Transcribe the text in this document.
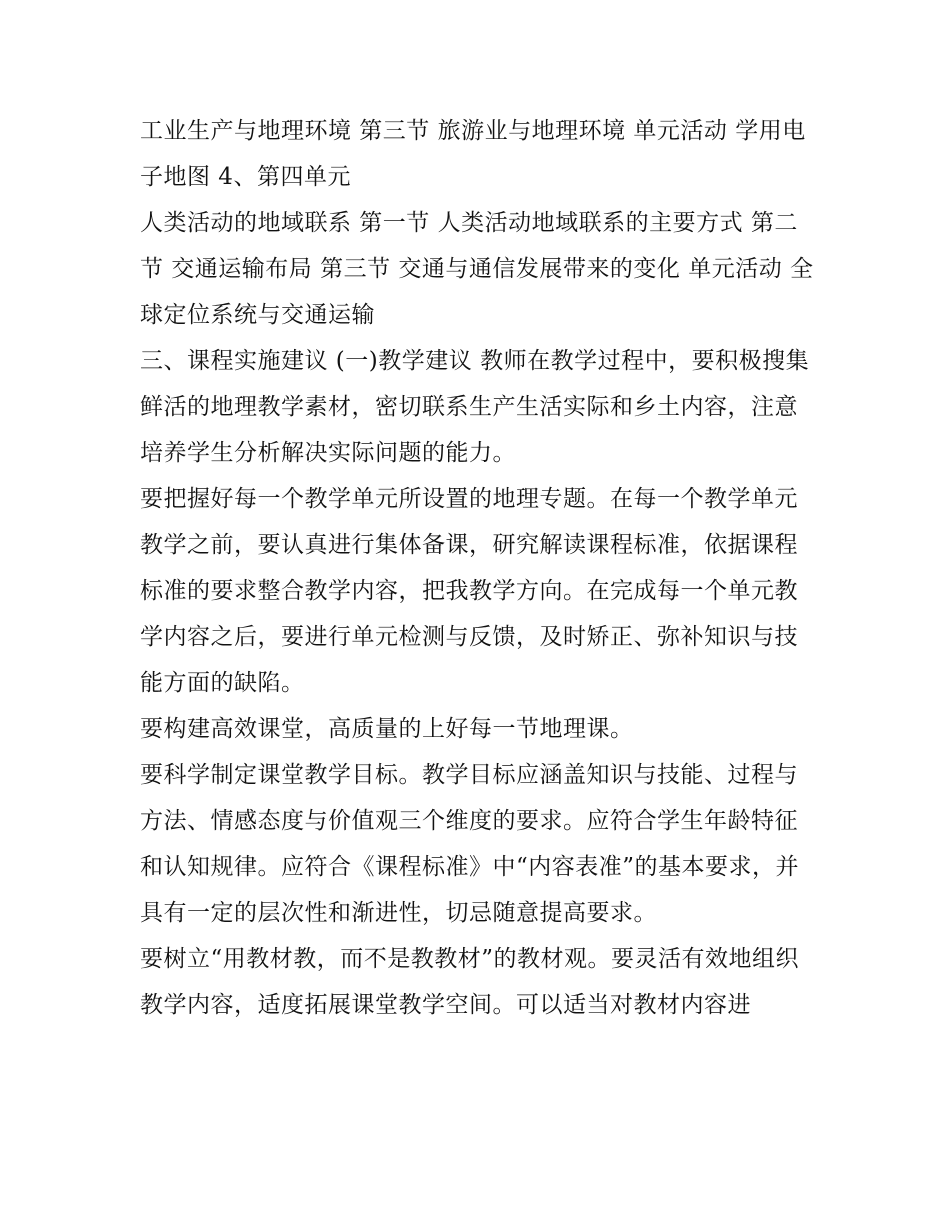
工业生产与地理环境 第三节 旅游业与地理环境 单元活动 学用电子地图 4、第四单元

人类活动的地域联系 第一节 人类活动地域联系的主要方式 第二节 交通运输布局 第三节 交通与通信发展带来的变化 单元活动 全球定位系统与交通运输

三、课程实施建议 (一)教学建议 教师在教学过程中，要积极搜集鲜活的地理教学素材，密切联系生产生活实际和乡土内容，注意培养学生分析解决实际问题的能力。

要把握好每一个教学单元所设置的地理专题。在每一个教学单元教学之前，要认真进行集体备课，研究解读课程标准，依据课程标准的要求整合教学内容，把我教学方向。在完成每一个单元教学内容之后，要进行单元检测与反馈，及时矫正、弥补知识与技能方面的缺陷。

要构建高效课堂，高质量的上好每一节地理课。

要科学制定课堂教学目标。教学目标应涵盖知识与技能、过程与方法、情感态度与价值观三个维度的要求。应符合学生年龄特征和认知规律。应符合《课程标准》中“内容表准”的基本要求，并具有一定的层次性和渐进性，切忌随意提高要求。

要树立“用教材教，而不是教教材”的教材观。要灵活有效地组织教学内容，适度拓展课堂教学空间。可以适当对教材内容进
